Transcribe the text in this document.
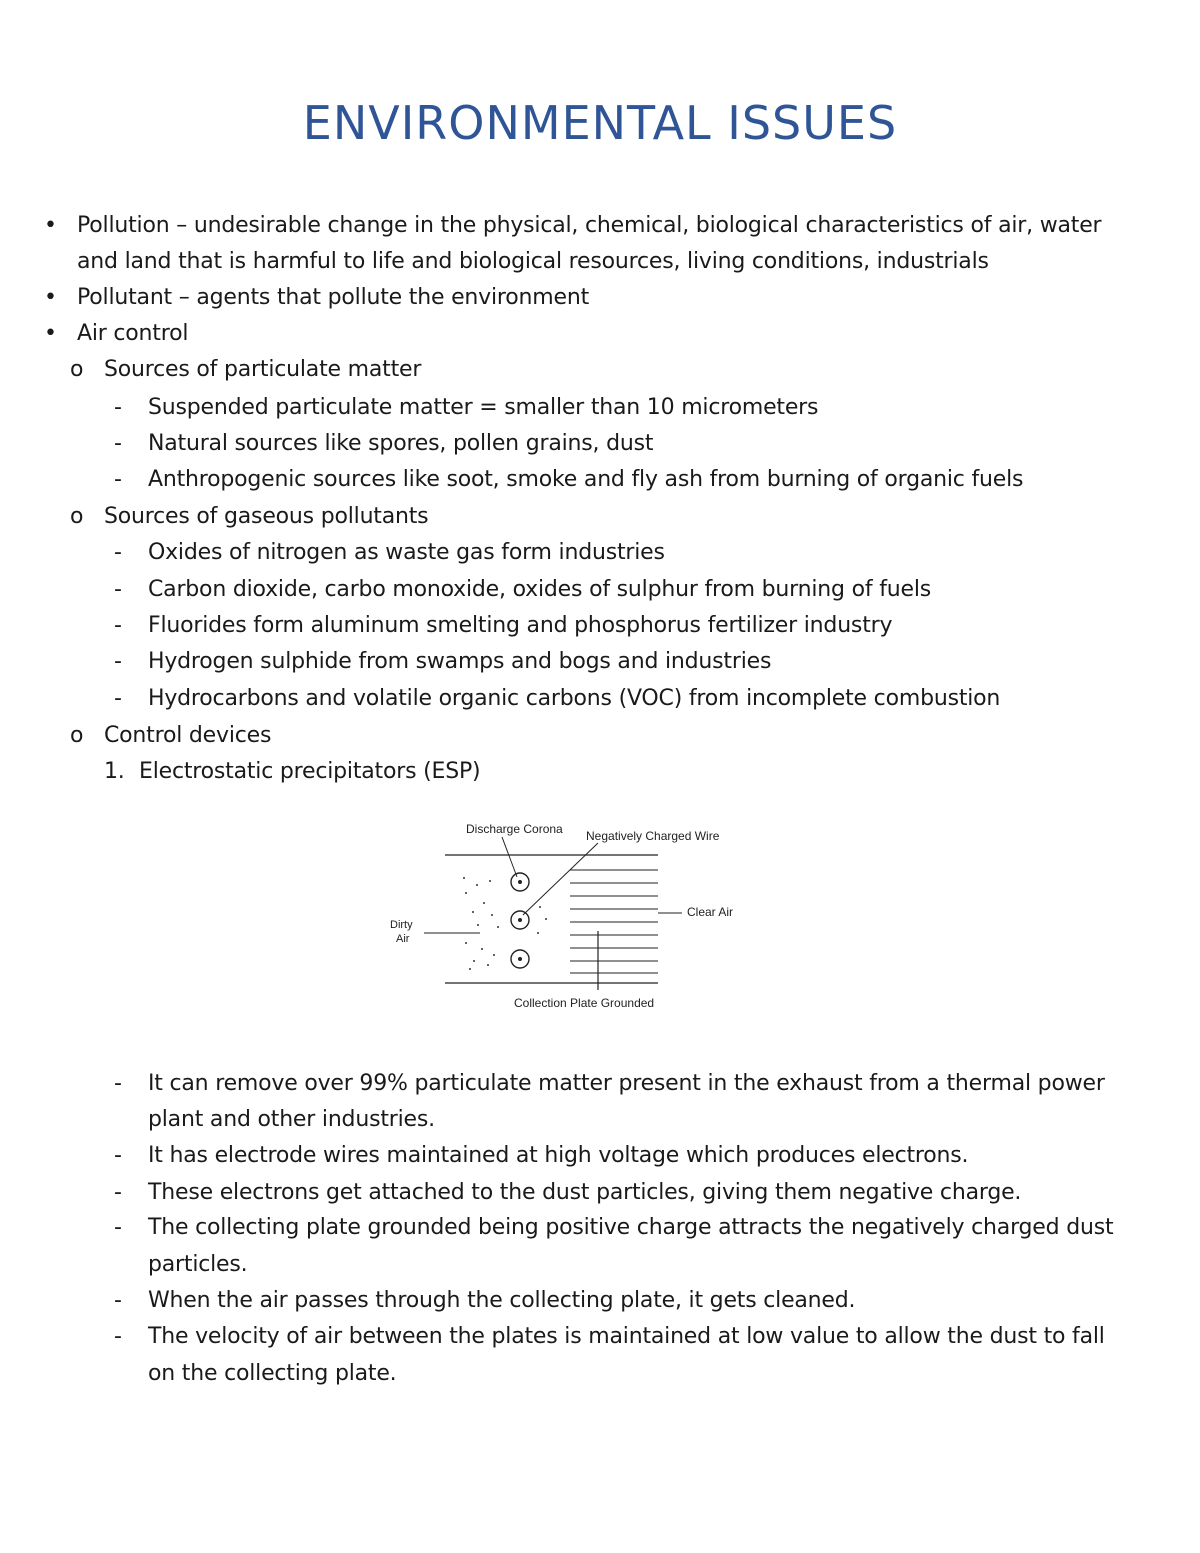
ENVIRONMENTAL ISSUES
• Pollution – undesirable change in the physical, chemical, biological characteristics of air, water
and land that is harmful to life and biological resources, living conditions, industrials
• Pollutant – agents that pollute the environment
• Air control
o Sources of particulate matter
- Suspended particulate matter = smaller than 10 micrometers
- Natural sources like spores, pollen grains, dust
- Anthropogenic sources like soot, smoke and fly ash from burning of organic fuels
o Sources of gaseous pollutants
- Oxides of nitrogen as waste gas form industries
- Carbon dioxide, carbo monoxide, oxides of sulphur from burning of fuels
- Fluorides form aluminum smelting and phosphorus fertilizer industry
- Hydrogen sulphide from swamps and bogs and industries
- Hydrocarbons and volatile organic carbons (VOC) from incomplete combustion
o Control devices
1. Electrostatic precipitators (ESP)
Discharge Corona Negatively Charged Wire
Clear Air
Dirty
Air
Collection Plate Grounded
- It can remove over 99% particulate matter present in the exhaust from a thermal power
plant and other industries.
- It has electrode wires maintained at high voltage which produces electrons.
- These electrons get attached to the dust particles, giving them negative charge.
- The collecting plate grounded being positive charge attracts the negatively charged dust
particles.
- When the air passes through the collecting plate, it gets cleaned.
- The velocity of air between the plates is maintained at low value to allow the dust to fall
on the collecting plate.
